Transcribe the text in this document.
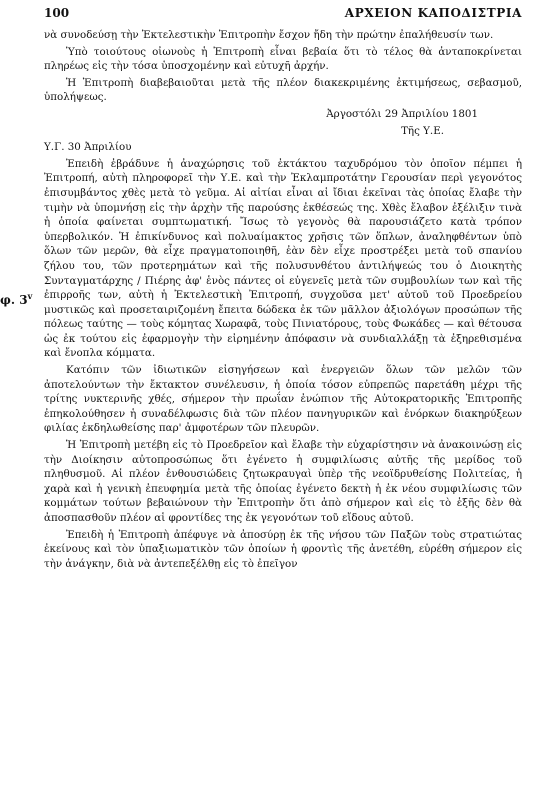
100	ΑΡΧΕΙΟΝ ΚΑΠΟΔΙΣΤΡΙΑ

νὰ συνοδεύσῃ τὴν Ἐκτελεστικὴν Ἐπιτροπὴν ἔσχον ἤδη τὴν πρώτην ἐπαλήθευσίν των.

Ὑπὸ τοιούτους οἰωνοὺς ἡ Ἐπιτροπὴ εἶναι βεβαία ὅτι τὸ τέλος θὰ ἀνταποκρίνεται πληρέως εἰς τὴν τόσα ὑποσχομένην καὶ εὐτυχῆ ἀρχήν.

Ἡ Ἐπιτροπὴ διαβεβαιοῦται μετὰ τῆς πλέον διακεκριμένης ἐκτιμήσεως, σεβασμοῦ, ὑπολήψεως.

Ἀργοστόλι 29 Ἀπριλίου 1801

Τῆς Υ.Ε.

Υ.Γ. 30 Ἀπριλίου

φ. 3$^v$

Ἐπειδὴ ἐβράδυνε ἡ ἀναχώρησις τοῦ ἐκτάκτου ταχυδρόμου τὸν ὁποῖον πέμπει ἡ Ἐπιτροπή, αὐτὴ πληροφορεῖ τὴν Υ.Ε. καὶ τὴν Ἐκλαμπροτάτην Γερουσίαν περὶ γεγονότος ἐπισυμβάντος χθὲς μετὰ τὸ γεῦμα. Αἱ αἰτίαι εἶναι αἱ ἴδιαι ἐκεῖναι τὰς ὁποίας ἔλαβε τὴν τιμὴν νὰ ὑπομνήσῃ εἰς τὴν ἀρχὴν τῆς παρούσης ἐκθέσεώς της. Χθὲς ἔλαβον ἐξέλιξιν τινὰ ἡ ὁποία φαίνεται συμπτωματική. Ἴσως τὸ γεγονὸς θὰ παρουσιάζετο κατὰ τρόπον ὑπερβολικόν. Ἡ ἐπικίνδυνος καὶ πολυαίμακτος χρῆσις τῶν ὅπλων, ἀναληφθέντων ὑπὸ ὅλων τῶν μερῶν, θὰ εἶχε πραγματοποιηθῆ, ἐὰν δὲν εἶχε προστρέξει μετὰ τοῦ σπανίου ζήλου του, τῶν προτερημάτων καὶ τῆς πολυσυνθέτου ἀντιλήψεώς του ὁ Διοικητὴς Συνταγματάρχης / Πιέρης ἀφ' ἑνὸς πάντες οἱ εὐγενεῖς μετὰ τῶν συμβουλίων των καὶ τῆς ἐπιρροῆς των, αὐτὴ ἡ Ἐκτελεστικὴ Ἐπιτροπή, συγχοῦσα μετ' αὐτοῦ τοῦ Προεδρείου μυστικῶς καὶ προσεταιριζομένη ἔπειτα δώδεκα ἐκ τῶν μᾶλλον ἀξιολόγων προσώπων τῆς πόλεως ταύτης — τοὺς κόμητας Χωραφᾶ, τοὺς Πινιατόρους, τοὺς Φωκάδες — καὶ θέτουσα ὡς ἐκ τούτου εἰς ἐφαρμογὴν τὴν εἰρημένην ἀπόφασιν νὰ συνδιαλλάξῃ τὰ ἐξηρεθισμένα καὶ ἔνοπλα κόμματα.

Κατόπιν τῶν ἰδιωτικῶν εἰσηγήσεων καὶ ἐνεργειῶν ὅλων τῶν μελῶν τῶν ἀποτελούντων τὴν ἔκτακτον συνέλευσιν, ἡ ὁποία τόσον εὐπρεπῶς παρετάθη μέχρι τῆς τρίτης νυκτερινῆς χθές, σήμερον τὴν πρωΐαν ἐνώπιον τῆς Αὐτοκρατορικῆς Ἐπιτροπῆς ἐπηκολούθησεν ἡ συναδέλφωσις διὰ τῶν πλέον πανηγυρικῶν καὶ ἐνόρκων διακηρύξεων φιλίας ἐκδηλωθείσης παρ' ἀμφοτέρων τῶν πλευρῶν.

Ἡ Ἐπιτροπὴ μετέβη εἰς τὸ Προεδρεῖον καὶ ἔλαβε τὴν εὐχαρίστησιν νὰ ἀνακοινώσῃ εἰς τὴν Διοίκησιν αὐτοπροσώπως ὅτι ἐγένετο ἡ συμφιλίωσις αὐτῆς τῆς μερίδος τοῦ πληθυσμοῦ. Αἱ πλέον ἐνθουσιώδεις ζητωκραυγαὶ ὑπὲρ τῆς νεοϊδρυθείσης Πολιτείας, ἡ χαρὰ καὶ ἡ γενικὴ ἐπευφημία μετὰ τῆς ὁποίας ἐγένετο δεκτὴ ἡ ἐκ νέου συμφιλίωσις τῶν κομμάτων τούτων βεβαιώνουν τὴν Ἐπιτροπὴν ὅτι ἀπὸ σήμερον καὶ εἰς τὸ ἑξῆς δὲν θὰ ἀποσπασθοῦν πλέον αἱ φροντίδες της ἐκ γεγονότων τοῦ εἴδους αὐτοῦ.

Ἐπειδὴ ἡ Ἐπιτροπὴ ἀπέφυγε νὰ ἀποσύρῃ ἐκ τῆς νήσου τῶν Παξῶν τοὺς στρατιώτας ἐκείνους καὶ τὸν ὑπαξιωματικὸν τῶν ὁποίων ἡ φροντὶς τῆς ἀνετέθη, εὑρέθη σήμερον εἰς τὴν ἀνάγκην, διὰ νὰ ἀντεπεξέλθῃ εἰς τὸ ἐπεῖγον
